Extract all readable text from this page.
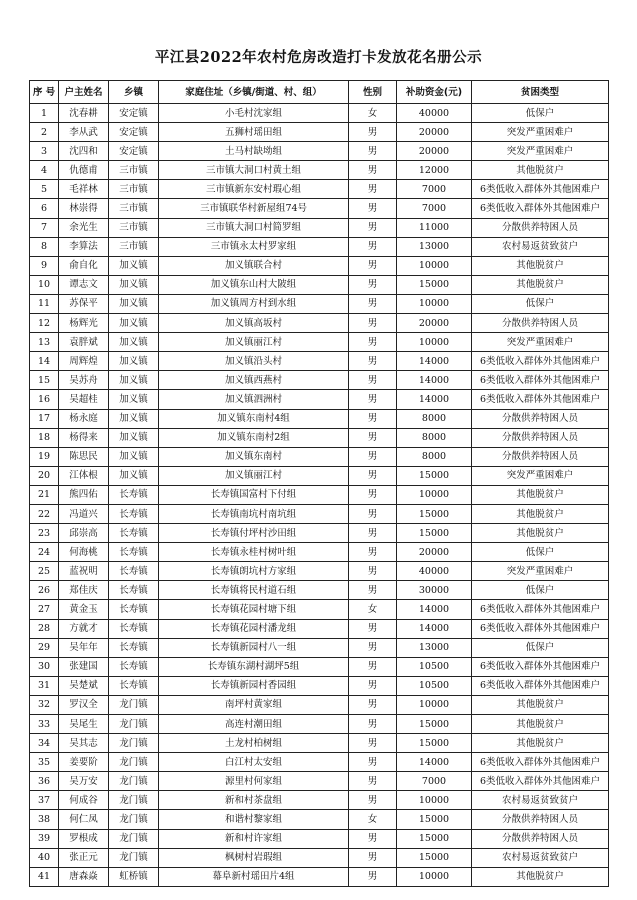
平江县2022年农村危房改造打卡发放花名册公示
序 号	户主姓名	乡镇	家庭住址（乡镇/街道、村、组）	性别	补助资金(元)	贫困类型
1	沈春耕	安定镇	小毛村沈家组	女	40000	低保户
2	李从武	安定镇	五狮村瑶田组	男	20000	突发严重困难户
3	沈四和	安定镇	土马村缺坳组	男	20000	突发严重困难户
4	仇德甫	三市镇	三市镇大洞口村黄土组	男	12000	其他脱贫户
5	毛祥林	三市镇	三市镇新东安村瑕心组	男	7000	6类低收入群体外其他困难户
6	林崇得	三市镇	三市镇联华村新屋组74号	男	7000	6类低收入群体外其他困难户
7	余光生	三市镇	三市镇大洞口村简罗组	男	11000	分散供养特困人员
8	李算法	三市镇	三市镇永太村罗家组	男	13000	农村易返贫致贫户
9	俞自化	加义镇	加义镇联合村	男	10000	其他脱贫户
10	谭志文	加义镇	加义镇东山村大陂组	男	15000	其他脱贫户
11	苏保平	加义镇	加义镇周方村到水组	男	10000	低保户
12	杨辉光	加义镇	加义镇高坂村	男	20000	分散供养特困人员
13	袁胖斌	加义镇	加义镇丽江村	男	10000	突发严重困难户
14	周辉煌	加义镇	加义镇沿头村	男	14000	6类低收入群体外其他困难户
15	吴苏舟	加义镇	加义镇西燕村	男	14000	6类低收入群体外其他困难户
16	吴超桂	加义镇	加义镇泗洲村	男	14000	6类低收入群体外其他困难户
17	杨永庭	加义镇	加义镇东南村4组	男	8000	分散供养特困人员
18	杨得来	加义镇	加义镇东南村2组	男	8000	分散供养特困人员
19	陈思民	加义镇	加义镇东南村	男	8000	分散供养特困人员
20	江体根	加义镇	加义镇丽江村	男	15000	突发严重困难户
21	熊四佑	长寿镇	长寿镇国富村下付组	男	10000	其他脱贫户
22	冯道兴	长寿镇	长寿镇南坑村南坑组	男	15000	其他脱贫户
23	邱崇高	长寿镇	长寿镇付坪村沙田组	男	15000	其他脱贫户
24	何海桃	长寿镇	长寿镇永桂村树叶组	男	20000	低保户
25	蓝祝明	长寿镇	长寿镇朗坑村方家组	男	40000	突发严重困难户
26	郑佳庆	长寿镇	长寿镇将民村道石组	男	30000	低保户
27	黄金玉	长寿镇	长寿镇花园村塘下组	女	14000	6类低收入群体外其他困难户
28	方就才	长寿镇	长寿镇花园村潘龙组	男	14000	6类低收入群体外其他困难户
29	吴年年	长寿镇	长寿镇新园村八一组	男	13000	低保户
30	张建国	长寿镇	长寿镇东湖村湖坪5组	男	10500	6类低收入群体外其他困难户
31	吴楚斌	长寿镇	长寿镇新园村香园组	男	10500	6类低收入群体外其他困难户
32	罗汉全	龙门镇	南坪村黄家组	男	10000	其他脱贫户
33	吴尾生	龙门镇	高连村潮田组	男	15000	其他脱贫户
34	吴其志	龙门镇	土龙村柏树组	男	15000	其他脱贫户
35	姜要阶	龙门镇	白江村太安组	男	14000	6类低收入群体外其他困难户
36	吴万安	龙门镇	源里村何家组	男	7000	6类低收入群体外其他困难户
37	何成谷	龙门镇	新和村茶盘组	男	10000	农村易返贫致贫户
38	何仁凤	龙门镇	和谐村黎家组	女	15000	分散供养特困人员
39	罗根成	龙门镇	新和村许家组	男	15000	分散供养特困人员
40	张正元	龙门镇	枫树村岩瑕组	男	15000	农村易返贫致贫户
41	唐森焱	虹桥镇	幕阜新村瑶田片4组	男	10000	其他脱贫户
